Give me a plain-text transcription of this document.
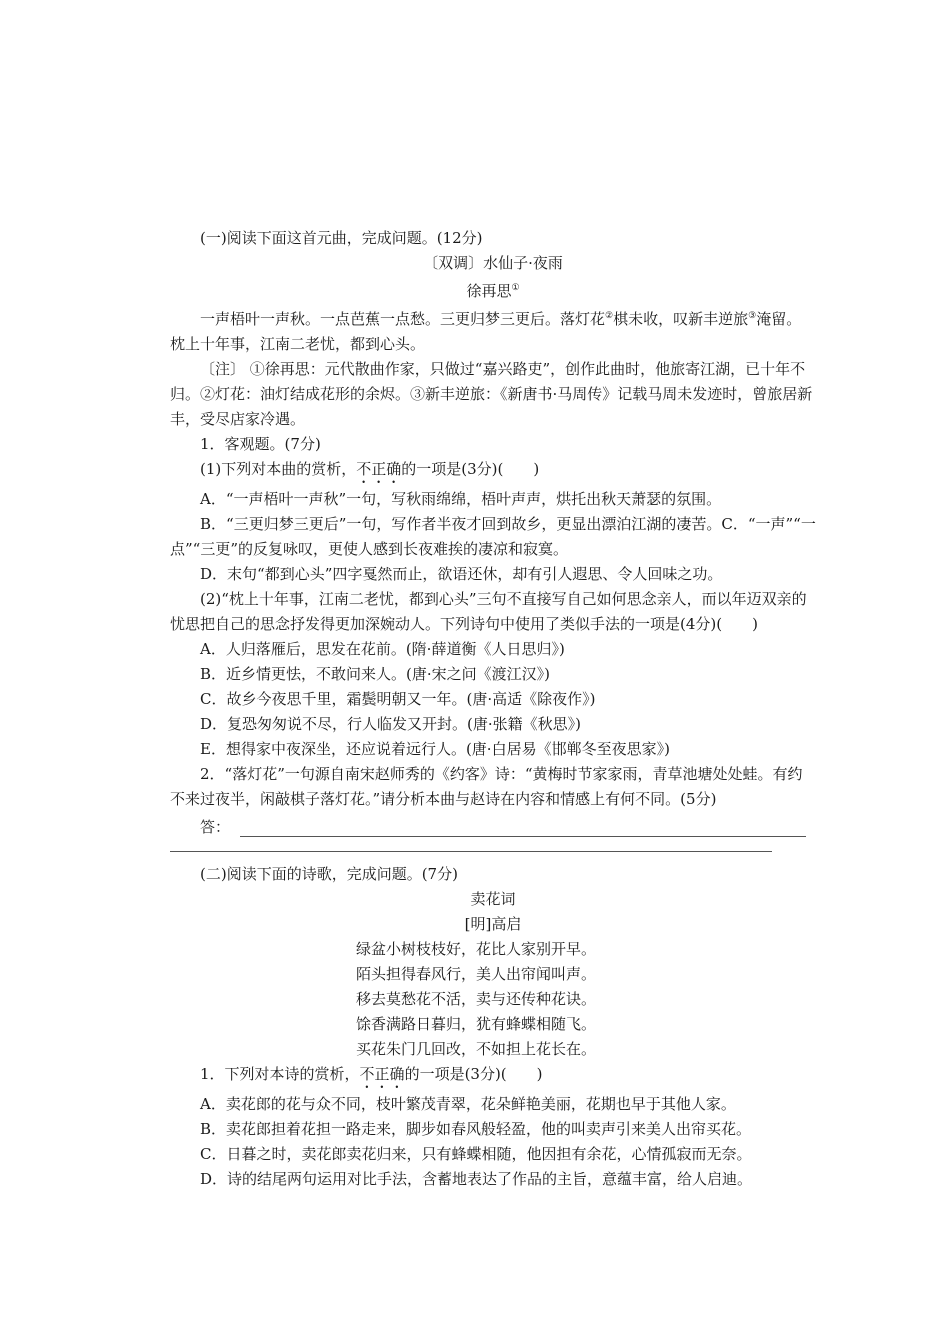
(一)阅读下面这首元曲，完成问题。(12分)

〔双调〕水仙子·夜雨

徐再思①

一声梧叶一声秋。一点芭蕉一点愁。三更归梦三更后。落灯花②棋未收，叹新丰逆旅③淹留。枕上十年事，江南二老忧，都到心头。

〔注〕 ①徐再思：元代散曲作家，只做过“嘉兴路吏”，创作此曲时，他旅寄江湖，已十年不归。②灯花：油灯结成花形的余烬。③新丰逆旅：《新唐书·马周传》记载马周未发迹时，曾旅居新丰，受尽店家冷遇。

1．客观题。(7分)

(1)下列对本曲的赏析，不正确的一项是(3分)(　　)

A．“一声梧叶一声秋”一句，写秋雨绵绵，梧叶声声，烘托出秋天萧瑟的氛围。

B．“三更归梦三更后”一句，写作者半夜才回到故乡，更显出漂泊江湖的凄苦。C．“一声”“一点”“三更”的反复咏叹，更使人感到长夜难挨的凄凉和寂寞。

D．末句“都到心头”四字戛然而止，欲语还休，却有引人遐思、令人回味之功。

(2)“枕上十年事，江南二老忧，都到心头”三句不直接写自己如何思念亲人，而以年迈双亲的忧思把自己的思念抒发得更加深婉动人。下列诗句中使用了类似手法的一项是(4分)(　　)

A．人归落雁后，思发在花前。(隋·薛道衡《人日思归》)

B．近乡情更怯，不敢问来人。(唐·宋之问《渡江汉》)

C．故乡今夜思千里，霜鬓明朝又一年。(唐·高适《除夜作》)

D．复恐匆匆说不尽，行人临发又开封。(唐·张籍《秋思》)

E．想得家中夜深坐，还应说着远行人。(唐·白居易《邯郸冬至夜思家》)

2．“落灯花”一句源自南宋赵师秀的《约客》诗：“黄梅时节家家雨，青草池塘处处蛙。有约不来过夜半，闲敲棋子落灯花。”请分析本曲与赵诗在内容和情感上有何不同。(5分)

答：

(二)阅读下面的诗歌，完成问题。(7分)

卖花词

[明]高启

绿盆小树枝枝好，花比人家别开早。

陌头担得春风行，美人出帘闻叫声。

移去莫愁花不活，卖与还传种花诀。

馀香满路日暮归，犹有蜂蝶相随飞。

买花朱门几回改，不如担上花长在。

1．下列对本诗的赏析，不正确的一项是(3分)(　　)

A．卖花郎的花与众不同，枝叶繁茂青翠，花朵鲜艳美丽，花期也早于其他人家。

B．卖花郎担着花担一路走来，脚步如春风般轻盈，他的叫卖声引来美人出帘买花。

C．日暮之时，卖花郎卖花归来，只有蜂蝶相随，他因担有余花，心情孤寂而无奈。

D．诗的结尾两句运用对比手法，含蓄地表达了作品的主旨，意蕴丰富，给人启迪。
